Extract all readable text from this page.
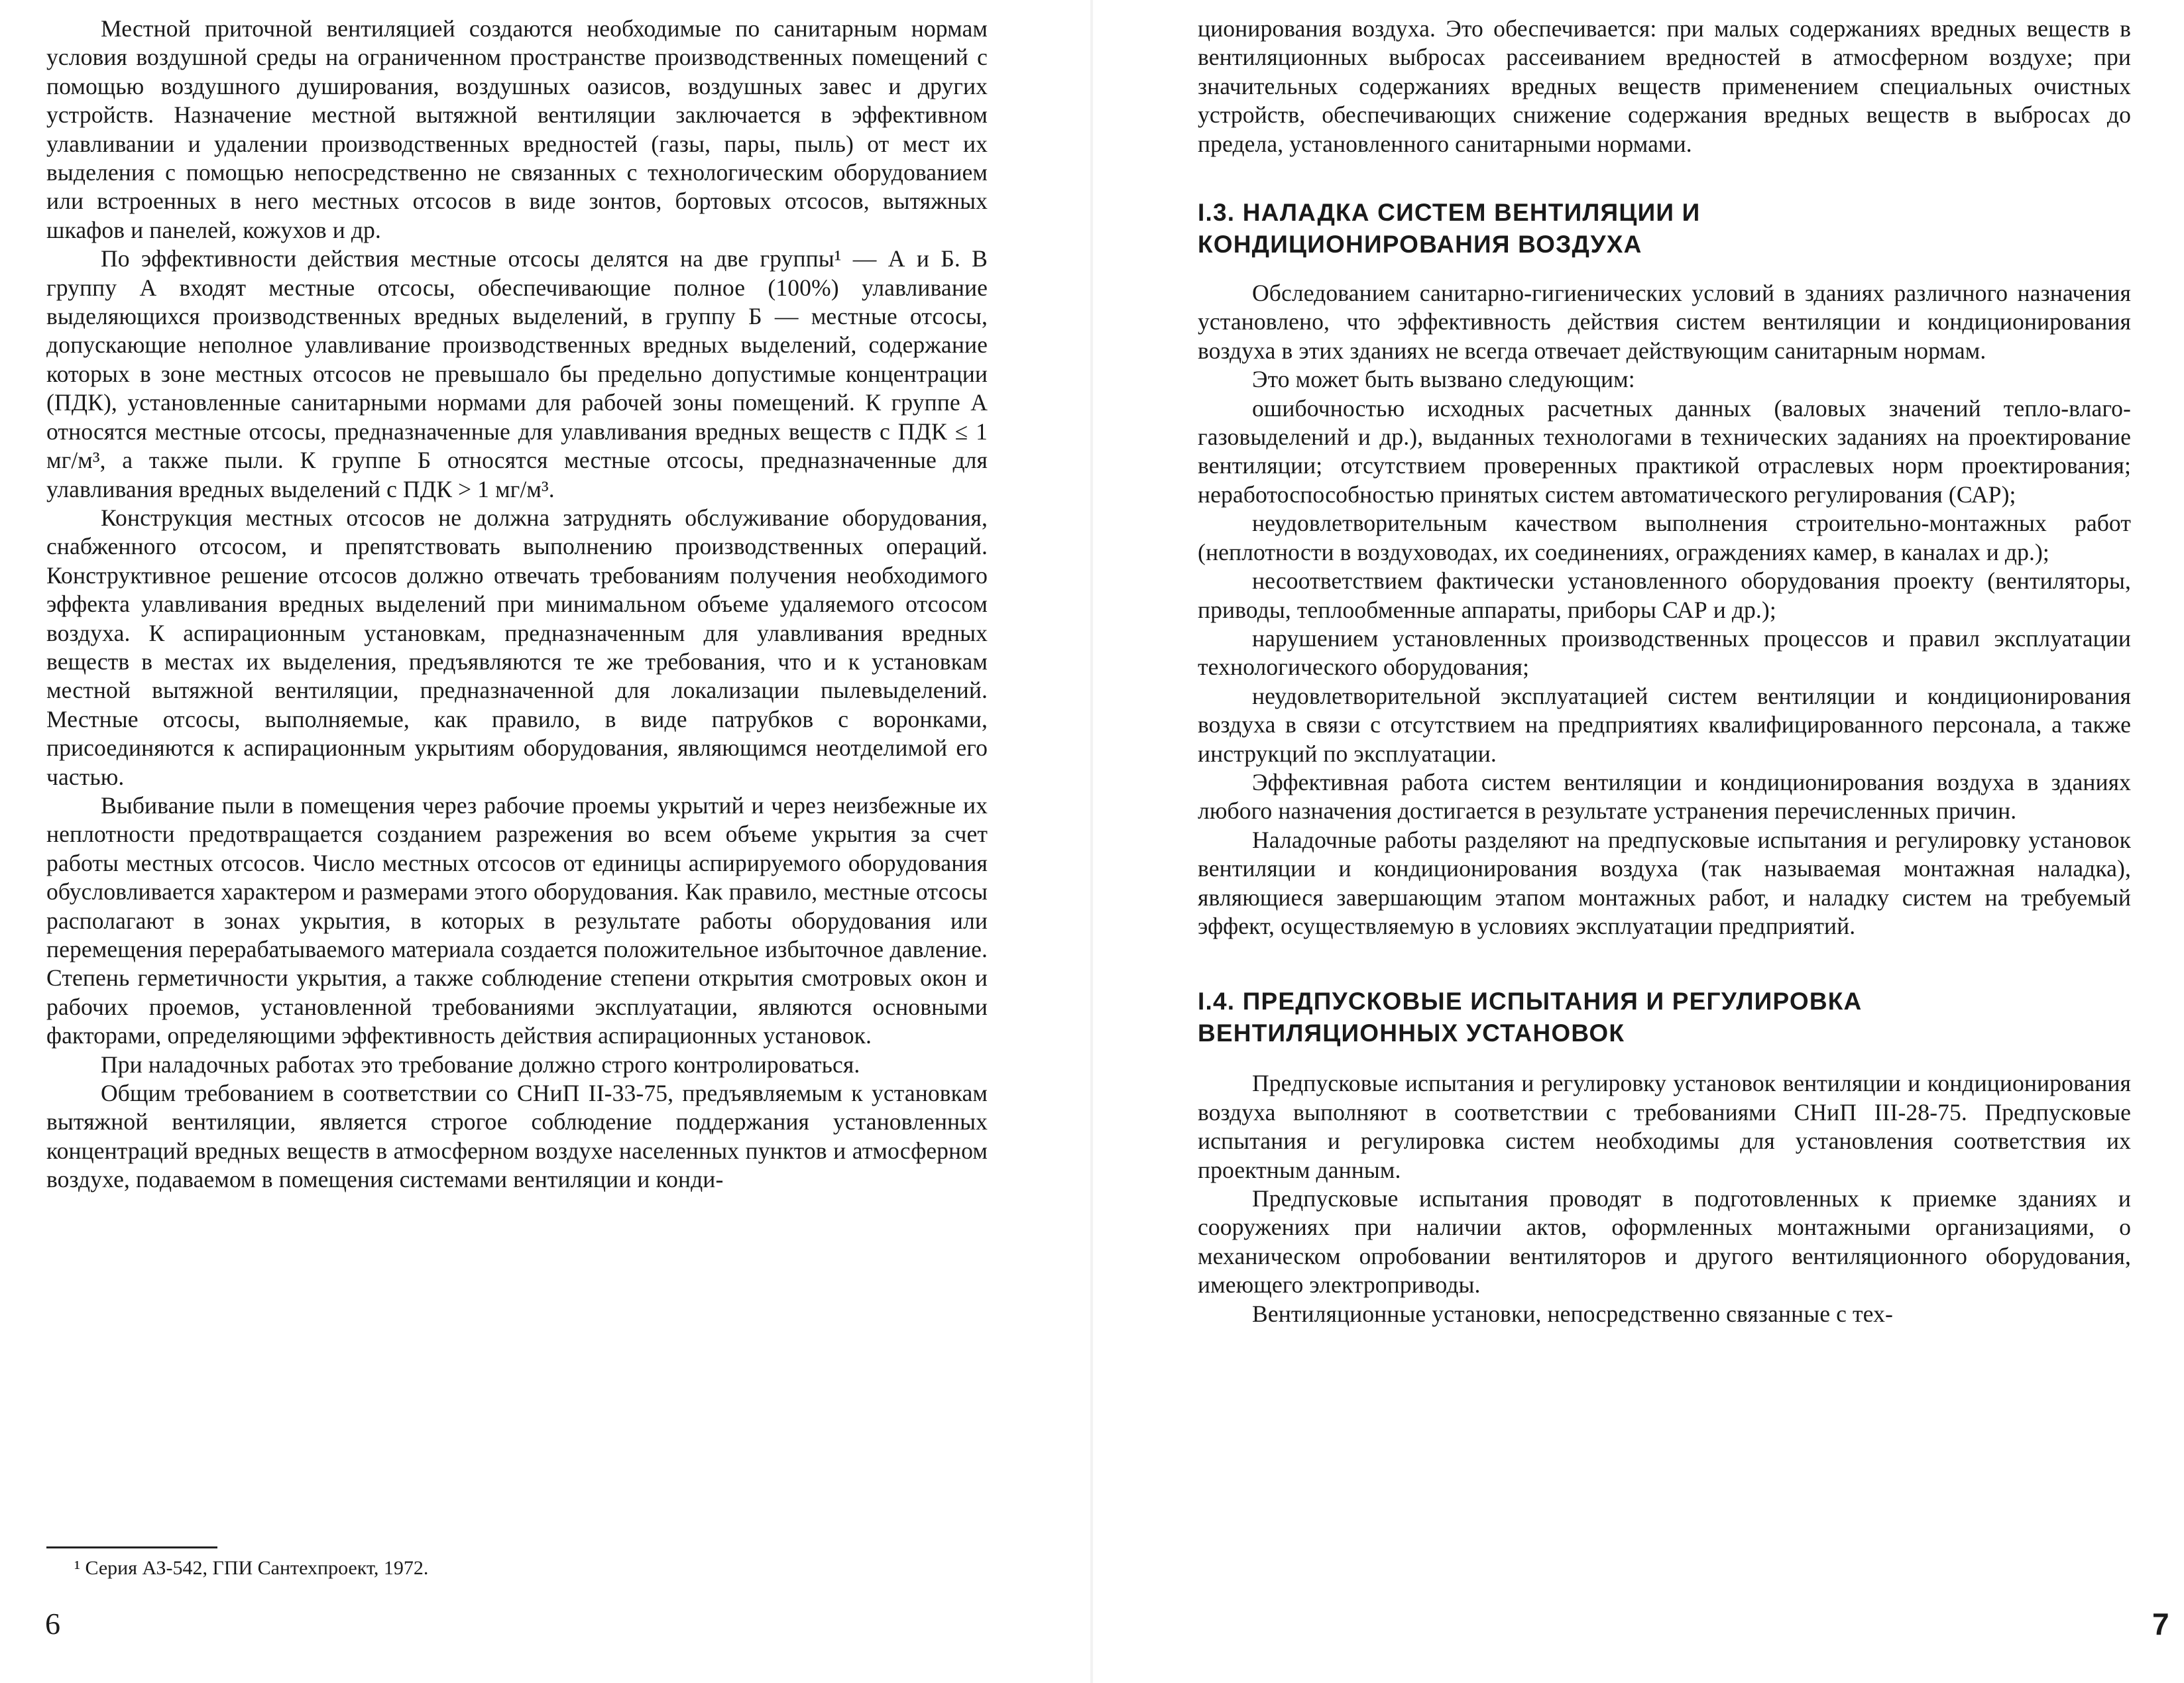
Местной приточной вентиляцией создаются необходимые по санитарным нормам условия воздушной среды на ограниченном пространстве производственных помещений с помощью воздушного душирования, воздушных оазисов, воздушных завес и других устройств. Назначение местной вытяжной вентиляции заключается в эффективном улавливании и удалении производственных вредностей (газы, пары, пыль) от мест их выделения с помощью непосредственно не связанных с технологическим оборудованием или встроенных в него местных отсосов в виде зонтов, бортовых отсосов, вытяжных шкафов и панелей, кожухов и др.

По эффективности действия местные отсосы делятся на две группы¹ — А и Б. В группу А входят местные отсосы, обеспечивающие полное (100%) улавливание выделяющихся производственных вредных выделений, в группу Б — местные отсосы, допускающие неполное улавливание производственных вредных выделений, содержание которых в зоне местных отсосов не превышало бы предельно допустимые концентрации (ПДК), установленные санитарными нормами для рабочей зоны помещений. К группе А относятся местные отсосы, предназначенные для улавливания вредных веществ с ПДК ≤ 1 мг/м³, а также пыли. К группе Б относятся местные отсосы, предназначенные для улавливания вредных выделений с ПДК > 1 мг/м³.

Конструкция местных отсосов не должна затруднять обслуживание оборудования, снабженного отсосом, и препятствовать выполнению производственных операций. Конструктивное решение отсосов должно отвечать требованиям получения необходимого эффекта улавливания вредных выделений при минимальном объеме удаляемого отсосом воздуха. К аспирационным установкам, предназначенным для улавливания вредных веществ в местах их выделения, предъявляются те же требования, что и к установкам местной вытяжной вентиляции, предназначенной для локализации пылевыделений. Местные отсосы, выполняемые, как правило, в виде патрубков с воронками, присоединяются к аспирационным укрытиям оборудования, являющимся неотделимой его частью.

Выбивание пыли в помещения через рабочие проемы укрытий и через неизбежные их неплотности предотвращается созданием разрежения во всем объеме укрытия за счет работы местных отсосов. Число местных отсосов от единицы аспирируемого оборудования обусловливается характером и размерами этого оборудования. Как правило, местные отсосы располагают в зонах укрытия, в которых в результате работы оборудования или перемещения перерабатываемого материала создается положительное избыточное давление. Степень герметичности укрытия, а также соблюдение степени открытия смотровых окон и рабочих проемов, установленной требованиями эксплуатации, являются основными факторами, определяющими эффективность действия аспирационных установок.

При наладочных работах это требование должно строго контролироваться.

Общим требованием в соответствии со СНиП II-33-75, предъявляемым к установкам вытяжной вентиляции, является строгое соблюдение поддержания установленных концентраций вредных веществ в атмосферном воздухе населенных пунктов и атмосферном воздухе, подаваемом в помещения системами вентиляции и конди-

¹ Серия АЗ-542, ГПИ Сантехпроект, 1972.
6

ционирования воздуха. Это обеспечивается: при малых содержаниях вредных веществ в вентиляционных выбросах рассеиванием вредностей в атмосферном воздухе; при значительных содержаниях вредных веществ применением специальных очистных устройств, обеспечивающих снижение содержания вредных веществ в выбросах до предела, установленного санитарными нормами.

I.3. НАЛАДКА СИСТЕМ ВЕНТИЛЯЦИИ И
КОНДИЦИОНИРОВАНИЯ ВОЗДУХА

Обследованием санитарно-гигиенических условий в зданиях различного назначения установлено, что эффективность действия систем вентиляции и кондиционирования воздуха в этих зданиях не всегда отвечает действующим санитарным нормам.

Это может быть вызвано следующим:

ошибочностью исходных расчетных данных (валовых значений тепло-влаго-газовыделений и др.), выданных технологами в технических заданиях на проектирование вентиляции; отсутствием проверенных практикой отраслевых норм проектирования; неработоспособностью принятых систем автоматического регулирования (САР);

неудовлетворительным качеством выполнения строительно-монтажных работ (неплотности в воздуховодах, их соединениях, ограждениях камер, в каналах и др.);

несоответствием фактически установленного оборудования проекту (вентиляторы, приводы, теплообменные аппараты, приборы САР и др.);

нарушением установленных производственных процессов и правил эксплуатации технологического оборудования;

неудовлетворительной эксплуатацией систем вентиляции и кондиционирования воздуха в связи с отсутствием на предприятиях квалифицированного персонала, а также инструкций по эксплуатации.

Эффективная работа систем вентиляции и кондиционирования воздуха в зданиях любого назначения достигается в результате устранения перечисленных причин.

Наладочные работы разделяют на предпусковые испытания и регулировку установок вентиляции и кондиционирования воздуха (так называемая монтажная наладка), являющиеся завершающим этапом монтажных работ, и наладку систем на требуемый эффект, осуществляемую в условиях эксплуатации предприятий.

I.4. ПРЕДПУСКОВЫЕ ИСПЫТАНИЯ И РЕГУЛИРОВКА
ВЕНТИЛЯЦИОННЫХ УСТАНОВОК

Предпусковые испытания и регулировку установок вентиляции и кондиционирования воздуха выполняют в соответствии с требованиями СНиП III-28-75. Предпусковые испытания и регулировка систем необходимы для установления соответствия их проектным данным.

Предпусковые испытания проводят в подготовленных к приемке зданиях и сооружениях при наличии актов, оформленных монтажными организациями, о механическом опробовании вентиляторов и другого вентиляционного оборудования, имеющего электроприводы.

Вентиляционные установки, непосредственно связанные с тех-

7
